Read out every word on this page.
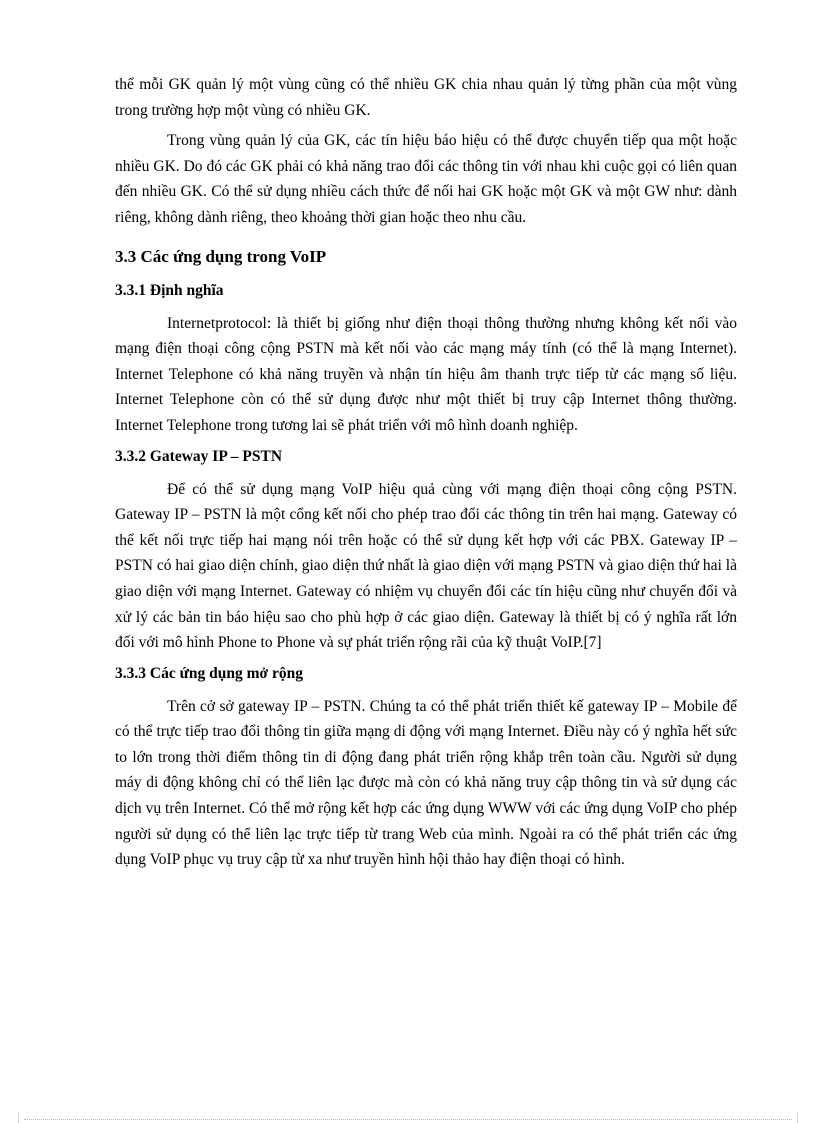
thể mỗi GK quản lý một vùng cũng có thể nhiều GK chia nhau quản lý từng phần của một vùng trong trường hợp một vùng có nhiều GK.

Trong vùng quản lý của GK, các tín hiệu báo hiệu có thể được chuyển tiếp qua một hoặc nhiều GK. Do đó các GK phải có khả năng trao đổi các thông tin với nhau khi cuộc gọi có liên quan đến nhiều GK. Có thể sử dụng nhiều cách thức để nối hai GK hoặc một GK và một GW như: dành riêng, không dành riêng, theo khoảng thời gian hoặc theo nhu cầu.

3.3 Các ứng dụng trong VoIP
3.3.1 Định nghĩa

Internetprotocol: là thiết bị giống như điện thoại thông thường nhưng không kết nối vào mạng điện thoại công cộng PSTN mà kết nối vào các mạng máy tính (có thể là mạng Internet). Internet Telephone có khả năng truyền và nhận tín hiệu âm thanh trực tiếp từ các mạng số liệu. Internet Telephone còn có thể sử dụng được như một thiết bị truy cập Internet thông thường. Internet Telephone trong tương lai sẽ phát triển với mô hình doanh nghiệp.

3.3.2 Gateway IP – PSTN

Để có thể sử dụng mạng VoIP hiệu quả cùng với mạng điện thoại công cộng PSTN. Gateway IP – PSTN là một cổng kết nối cho phép trao đổi các thông tin trên hai mạng. Gateway có thể kết nối trực tiếp hai mạng nói trên hoặc có thể sử dụng kết hợp với các PBX. Gateway IP – PSTN có hai giao diện chính, giao diện thứ nhất là giao diện với mạng PSTN và giao diện thứ hai là giao diện với mạng Internet. Gateway có nhiệm vụ chuyển đổi các tín hiệu cũng như chuyển đổi và xử lý các bản tin báo hiệu sao cho phù hợp ở các giao diện. Gateway là thiết bị có ý nghĩa rất lớn đối với mô hình Phone to Phone và sự phát triển rộng rãi của kỹ thuật VoIP.[7]

3.3.3 Các ứng dụng mở rộng

Trên cở sở gateway IP – PSTN. Chúng ta có thể phát triển thiết kế gateway IP – Mobile để có thể trực tiếp trao đổi thông tin giữa mạng di động với mạng Internet. Điều này có ý nghĩa hết sức to lớn trong thời điểm thông tin di động đang phát triển rộng khắp trên toàn cầu. Người sử dụng máy di động không chỉ có thể liên lạc được mà còn có khả năng truy cập thông tin và sử dụng các dịch vụ trên Internet. Có thể mở rộng kết hợp các ứng dụng WWW với các ứng dụng VoIP cho phép người sử dụng có thể liên lạc trực tiếp từ trang Web của mình. Ngoài ra có thể phát triển các ứng dụng VoIP phục vụ truy cập từ xa như truyền hình hội thảo hay điện thoại có hình.
